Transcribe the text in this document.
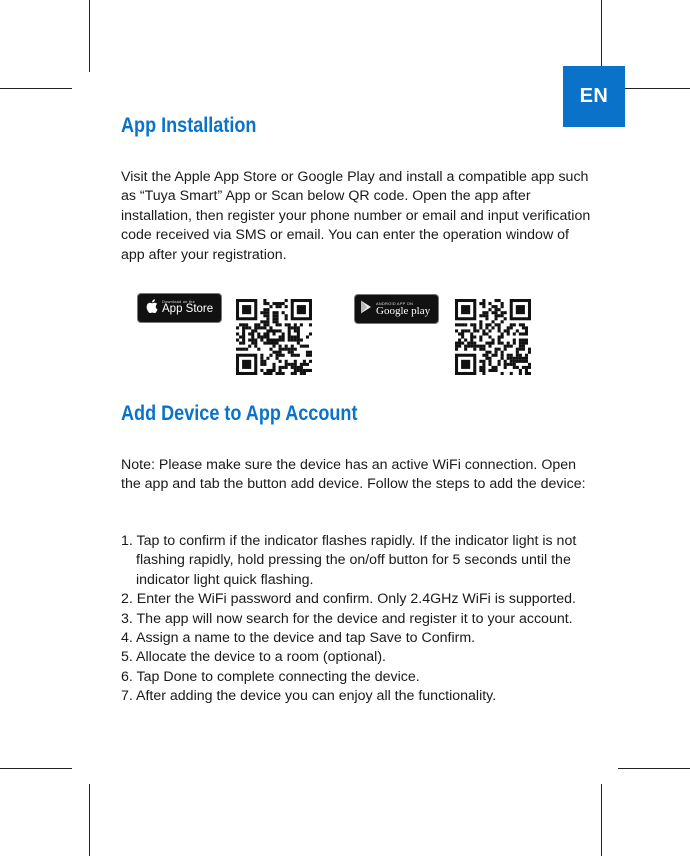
EN
App Installation

Visit the Apple App Store or Google Play and install a compatible app such as “Tuya Smart” App or Scan below QR code. Open the app after installation, then register your phone number or email and input verification code received via SMS or email. You can enter the operation window of app after your registration.

Download on the
App Store
ANDROID APP ON
Google play
Add Device to App Account

Note: Please make sure the device has an active WiFi connection. Open the app and tab the button add device. Follow the steps to add the device:

1. Tap to confirm if the indicator flashes rapidly. If the indicator light is not flashing rapidly, hold pressing the on/off button for 5 seconds until the indicator light quick flashing.
2. Enter the WiFi password and confirm. Only 2.4GHz WiFi is supported.
3. The app will now search for the device and register it to your account.
4. Assign a name to the device and tap Save to Confirm.
5. Allocate the device to a room (optional).
6. Tap Done to complete connecting the device.
7. After adding the device you can enjoy all the functionality.
